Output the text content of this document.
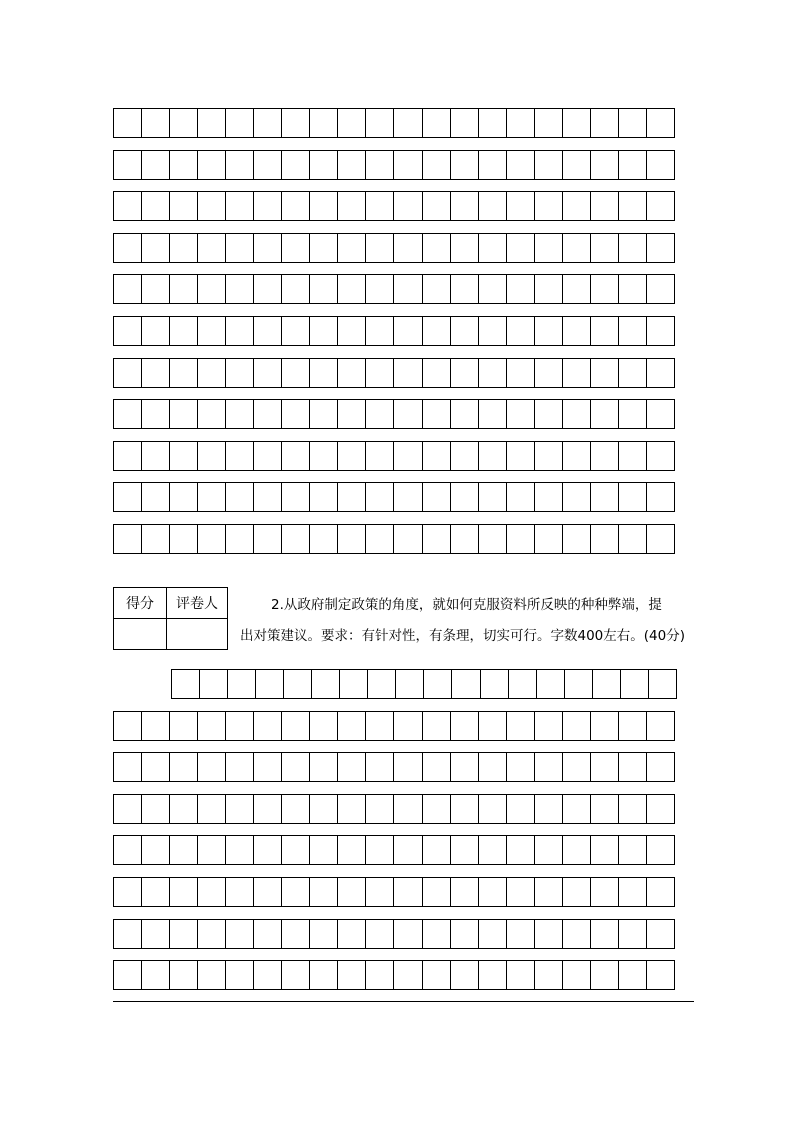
得分	评卷人
		2.从政府制定政策的角度，就如何克服资料所反映的种种弊端，提
出对策建议。要求：有针对性，有条理，切实可行。字数400左右。(40分)
